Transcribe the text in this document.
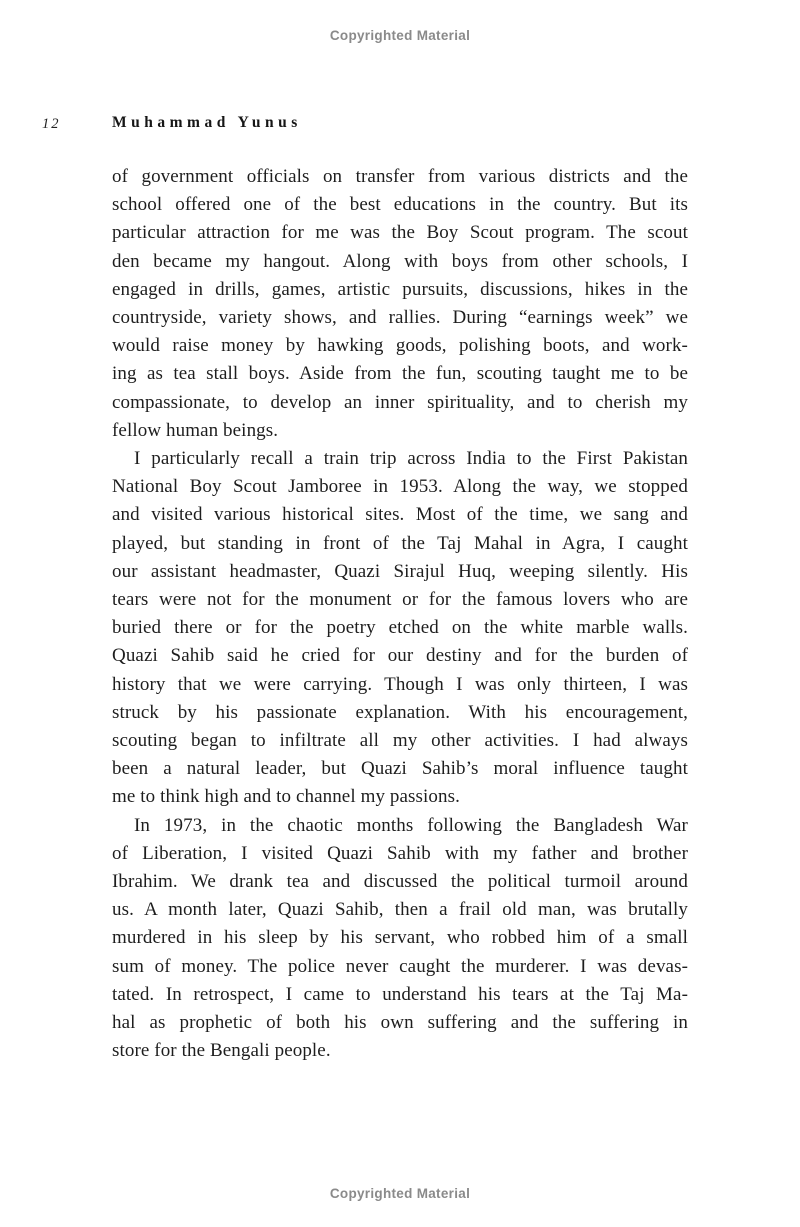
Copyrighted Material
12	Muhammad Yunus
of government officials on transfer from various districts and the
school offered one of the best educations in the country. But its
particular attraction for me was the Boy Scout program. The scout
den became my hangout. Along with boys from other schools, I
engaged in drills, games, artistic pursuits, discussions, hikes in the
countryside, variety shows, and rallies. During “earnings week” we
would raise money by hawking goods, polishing boots, and work-
ing as tea stall boys. Aside from the fun, scouting taught me to be
compassionate, to develop an inner spirituality, and to cherish my
fellow human beings.
I particularly recall a train trip across India to the First Pakistan
National Boy Scout Jamboree in 1953. Along the way, we stopped
and visited various historical sites. Most of the time, we sang and
played, but standing in front of the Taj Mahal in Agra, I caught
our assistant headmaster, Quazi Sirajul Huq, weeping silently. His
tears were not for the monument or for the famous lovers who are
buried there or for the poetry etched on the white marble walls.
Quazi Sahib said he cried for our destiny and for the burden of
history that we were carrying. Though I was only thirteen, I was
struck by his passionate explanation. With his encouragement,
scouting began to infiltrate all my other activities. I had always
been a natural leader, but Quazi Sahib’s moral influence taught
me to think high and to channel my passions.
In 1973, in the chaotic months following the Bangladesh War
of Liberation, I visited Quazi Sahib with my father and brother
Ibrahim. We drank tea and discussed the political turmoil around
us. A month later, Quazi Sahib, then a frail old man, was brutally
murdered in his sleep by his servant, who robbed him of a small
sum of money. The police never caught the murderer. I was devas-
tated. In retrospect, I came to understand his tears at the Taj Ma-
hal as prophetic of both his own suffering and the suffering in
store for the Bengali people.
Copyrighted Material
